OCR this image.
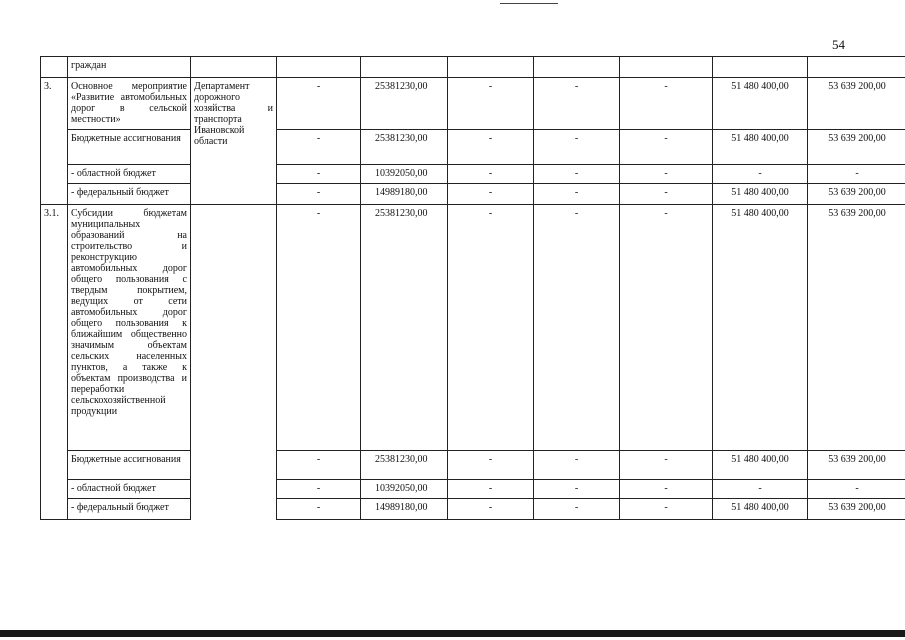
54
	граждан								
3.	Основное мероприятие «Развитие автомобильных дорог в сельской местности»	Департамент дорожного хозяйства и транспорта Ивановской области	-	25381230,00	-	-	-	51 480 400,00	53 639 200,00
	Бюджетные ассигнования		-	25381230,00	-	-	-	51 480 400,00	53 639 200,00
	- областной бюджет		-	10392050,00	-	-	-	-	-
	- федеральный бюджет		-	14989180,00	-	-	-	51 480 400,00	53 639 200,00
3.1.	Субсидии бюджетам муниципальных образований на строительство и реконструкцию автомобильных дорог общего пользования с твердым покрытием, ведущих от сети автомобильных дорог общего пользования к ближайшим общественно значимым объектам сельских населенных пунктов, а также к объектам производства и переработки сельскохозяйственной продукции		-	25381230,00	-	-	-	51 480 400,00	53 639 200,00
	Бюджетные ассигнования		-	25381230,00	-	-	-	51 480 400,00	53 639 200,00
	- областной бюджет		-	10392050,00	-	-	-	-	-
	- федеральный бюджет		-	14989180,00	-	-	-	51 480 400,00	53 639 200,00
